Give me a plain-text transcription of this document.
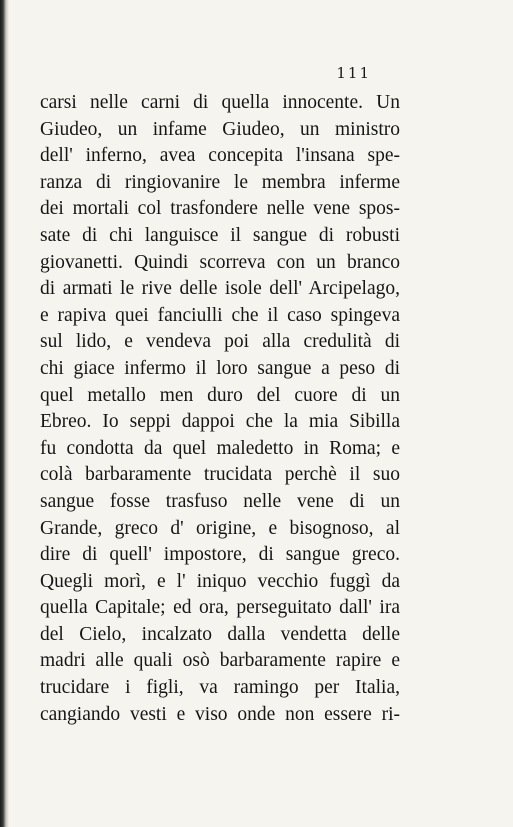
111
carsi nelle carni di quella innocente. Un
Giudeo, un infame Giudeo, un ministro
dell' inferno, avea concepita l'insana spe-
ranza di ringiovanire le membra inferme
dei mortali col trasfondere nelle vene spos-
sate di chi languisce il sangue di robusti
giovanetti. Quindi scorreva con un branco
di armati le rive delle isole dell' Arcipelago,
e rapiva quei fanciulli che il caso spingeva
sul lido, e vendeva poi alla credulità di
chi giace infermo il loro sangue a peso di
quel metallo men duro del cuore di un
Ebreo. Io seppi dappoi che la mia Sibilla
fu condotta da quel maledetto in Roma; e
colà barbaramente trucidata perchè il suo
sangue fosse trasfuso nelle vene di un
Grande, greco d' origine, e bisognoso, al
dire di quell' impostore, di sangue greco.
Quegli morì, e l' iniquo vecchio fuggì da
quella Capitale; ed ora, perseguitato dall' ira
del Cielo, incalzato dalla vendetta delle
madri alle quali osò barbaramente rapire e
trucidare i figli, va ramingo per Italia,
cangiando vesti e viso onde non essere ri-
